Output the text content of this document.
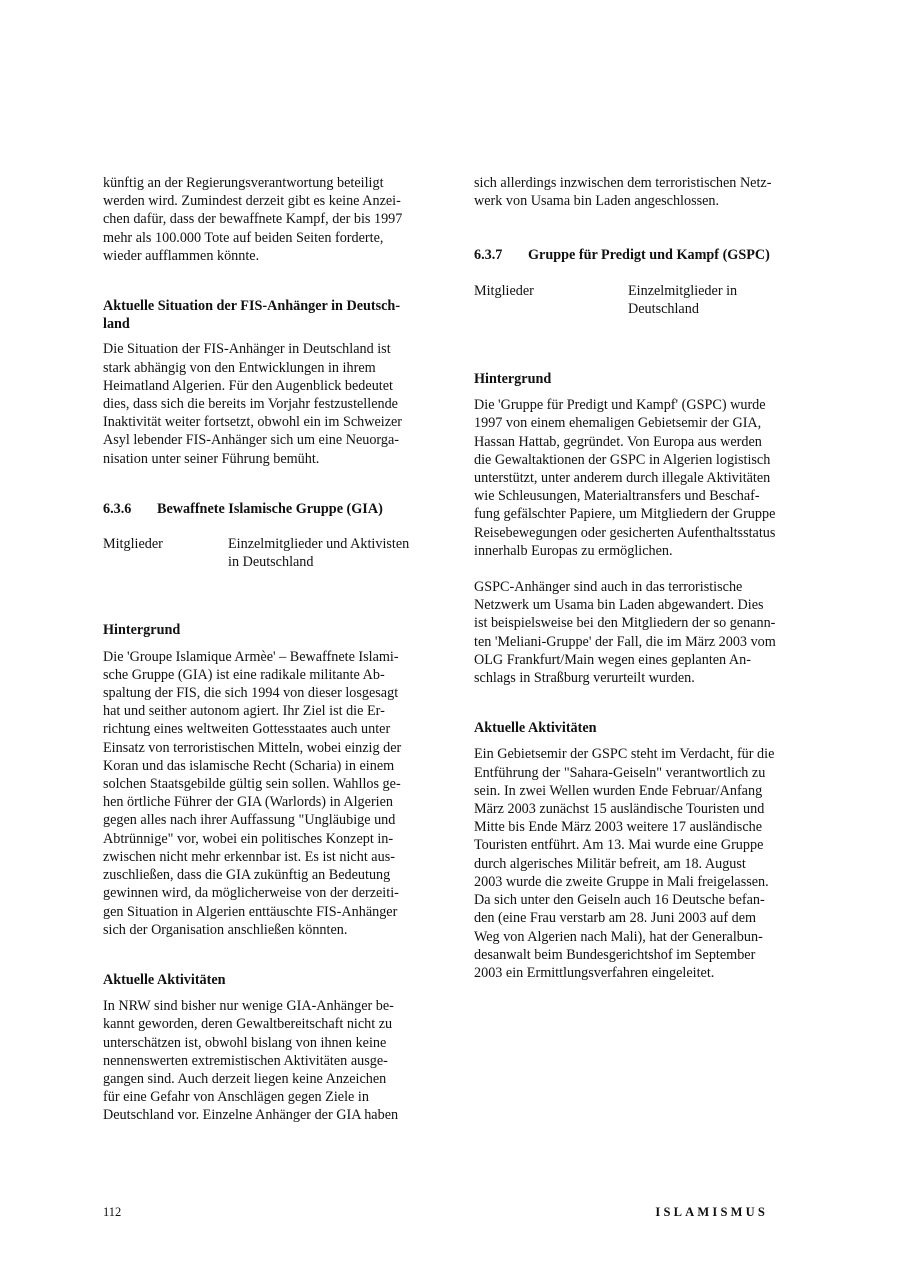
künftig an der Regierungsverantwortung beteiligt
werden wird. Zumindest derzeit gibt es keine Anzei-
chen dafür, dass der bewaffnete Kampf, der bis 1997
mehr als 100.000 Tote auf beiden Seiten forderte,
wieder aufflammen könnte.
Aktuelle Situation der FIS-Anhänger in Deutsch-
land
Die Situation der FIS-Anhänger in Deutschland ist
stark abhängig von den Entwicklungen in ihrem
Heimatland Algerien. Für den Augenblick bedeutet
dies, dass sich die bereits im Vorjahr festzustellende
Inaktivität weiter fortsetzt, obwohl ein im Schweizer
Asyl lebender FIS-Anhänger sich um eine Neuorga-
nisation unter seiner Führung bemüht.
6.3.6 Bewaffnete Islamische Gruppe (GIA)
Mitglieder	Einzelmitglieder und Aktivisten
in Deutschland
Hintergrund
Die 'Groupe Islamique Armèe' – Bewaffnete Islami-
sche Gruppe (GIA) ist eine radikale militante Ab-
spaltung der FIS, die sich 1994 von dieser losgesagt
hat und seither autonom agiert. Ihr Ziel ist die Er-
richtung eines weltweiten Gottesstaates auch unter
Einsatz von terroristischen Mitteln, wobei einzig der
Koran und das islamische Recht (Scharia) in einem
solchen Staatsgebilde gültig sein sollen. Wahllos ge-
hen örtliche Führer der GIA (Warlords) in Algerien
gegen alles nach ihrer Auffassung "Ungläubige und
Abtrünnige" vor, wobei ein politisches Konzept in-
zwischen nicht mehr erkennbar ist. Es ist nicht aus-
zuschließen, dass die GIA zukünftig an Bedeutung
gewinnen wird, da möglicherweise von der derzeiti-
gen Situation in Algerien enttäuschte FIS-Anhänger
sich der Organisation anschließen könnten.
Aktuelle Aktivitäten
In NRW sind bisher nur wenige GIA-Anhänger be-
kannt geworden, deren Gewaltbereitschaft nicht zu
unterschätzen ist, obwohl bislang von ihnen keine
nennenswerten extremistischen Aktivitäten ausge-
gangen sind. Auch derzeit liegen keine Anzeichen
für eine Gefahr von Anschlägen gegen Ziele in
Deutschland vor. Einzelne Anhänger der GIA haben
sich allerdings inzwischen dem terroristischen Netz-
werk von Usama bin Laden angeschlossen.
6.3.7 Gruppe für Predigt und Kampf (GSPC)
Mitglieder	Einzelmitglieder in
Deutschland
Hintergrund
Die 'Gruppe für Predigt und Kampf' (GSPC) wurde
1997 von einem ehemaligen Gebietsemir der GIA,
Hassan Hattab, gegründet. Von Europa aus werden
die Gewaltaktionen der GSPC in Algerien logistisch
unterstützt, unter anderem durch illegale Aktivitäten
wie Schleusungen, Materialtransfers und Beschaf-
fung gefälschter Papiere, um Mitgliedern der Gruppe
Reisebewegungen oder gesicherten Aufenthaltsstatus
innerhalb Europas zu ermöglichen.
GSPC-Anhänger sind auch in das terroristische
Netzwerk um Usama bin Laden abgewandert. Dies
ist beispielsweise bei den Mitgliedern der so genann-
ten 'Meliani-Gruppe' der Fall, die im März 2003 vom
OLG Frankfurt/Main wegen eines geplanten An-
schlags in Straßburg verurteilt wurden.
Aktuelle Aktivitäten
Ein Gebietsemir der GSPC steht im Verdacht, für die
Entführung der "Sahara-Geiseln" verantwortlich zu
sein. In zwei Wellen wurden Ende Februar/Anfang
März 2003 zunächst 15 ausländische Touristen und
Mitte bis Ende März 2003 weitere 17 ausländische
Touristen entführt. Am 13. Mai wurde eine Gruppe
durch algerisches Militär befreit, am 18. August
2003 wurde die zweite Gruppe in Mali freigelassen.
Da sich unter den Geiseln auch 16 Deutsche befan-
den (eine Frau verstarb am 28. Juni 2003 auf dem
Weg von Algerien nach Mali), hat der Generalbun-
desanwalt beim Bundesgerichtshof im September
2003 ein Ermittlungsverfahren eingeleitet.
112	ISLAMISMUS
